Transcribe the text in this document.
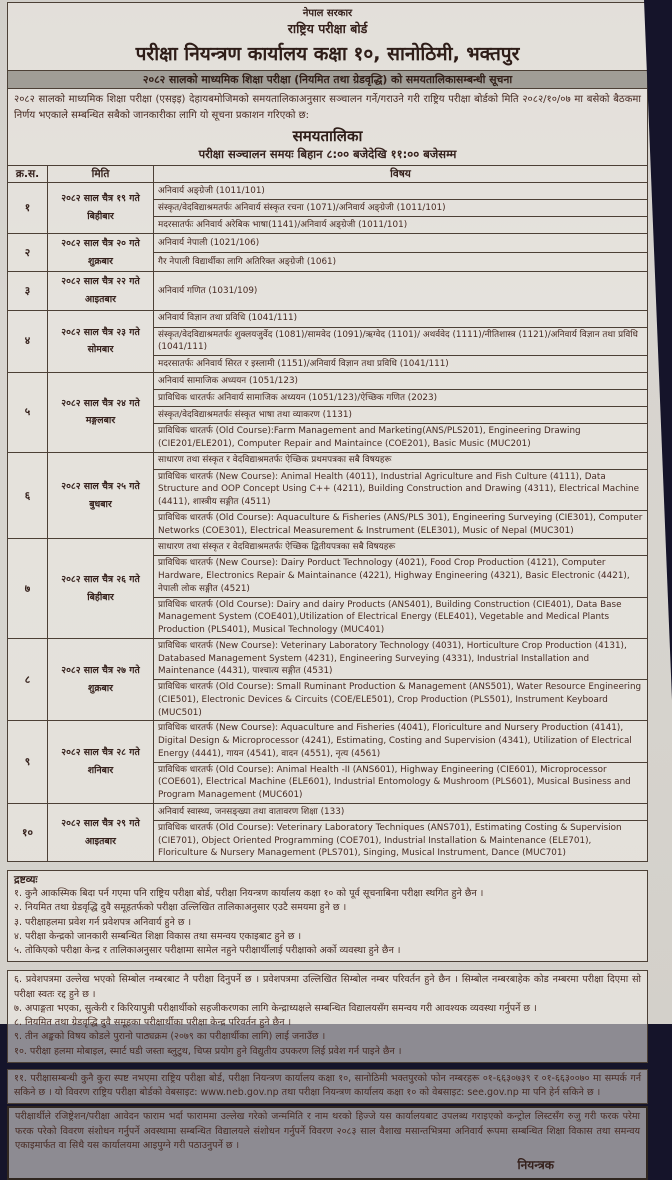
नेपाल सरकार
राष्ट्रिय परीक्षा बोर्ड
परीक्षा नियन्त्रण कार्यालय कक्षा १०, सानोठिमी, भक्तपुर
२०८२ सालको माध्यमिक शिक्षा परीक्षा (नियमित तथा ग्रेडवृद्धि) को समयतालिकासम्बन्धी सूचना
२०८२ सालको माध्यमिक शिक्षा परीक्षा (एसइइ) देहायबमोजिमको समयतालिकाअनुसार सञ्चालन गर्ने/गराउने गरी राष्ट्रिय परीक्षा बोर्डको मिति २०८२/१०/०७ मा बसेको बैठकमा निर्णय भएकाले सम्बन्धित सबैको जानकारीका लागि यो सूचना प्रकाशन गरिएको छ:
समयतालिका
परीक्षा सञ्चालन समयः बिहान ८:०० बजेदेखि ११:०० बजेसम्म
क्र.स.	मिति	विषय
१
२०८२ साल चैत्र १९ गते
बिहीबार
अनिवार्य अङ्ग्रेजी (1011/101)
संस्कृत/वेदविद्याश्रमतर्फः अनिवार्य संस्कृत रचना (1071)/अनिवार्य अङ्ग्रेजी (1011/101)
मदरसातर्फः अनिवार्य अरेबिक भाषा(1141)/अनिवार्य अङ्ग्रेजी (1011/101)
२
२०८२ साल चैत्र २० गते
शुक्रबार
अनिवार्य नेपाली (1021/106)
गैर नेपाली विद्यार्थीका लागि अतिरिक्त अङ्ग्रेजी (1061)
३
२०८२ साल चैत्र २२ गते
आइतबार
अनिवार्य गणित (1031/109)
४
२०८२ साल चैत्र २३ गते
सोमबार
अनिवार्य विज्ञान तथा प्रविधि (1041/111)
संस्कृत/वेदविद्याश्रमतर्फः शुक्लयजुर्वेद (1081)/सामवेद (1091)/ऋग्वेद (1101)/ अथर्ववेद (1111)/नीतिशास्त्र (1121)/अनिवार्य विज्ञान तथा प्रविधि (1041/111)
मदरसातर्फः अनिवार्य सिरत र इस्लामी (1151)/अनिवार्य विज्ञान तथा प्रविधि (1041/111)
५
२०८२ साल चैत्र २४ गते
मङ्गलबार
अनिवार्य सामाजिक अध्ययन (1051/123)
प्राविधिक धारतर्फः अनिवार्य सामाजिक अध्ययन (1051/123)/ऐच्छिक गणित (2023)
संस्कृत/वेदविद्याश्रमतर्फः संस्कृत भाषा तथा व्याकरण (1131)
प्राविधिक धारतर्फ (Old Course):Farm Management and Marketing(ANS/PLS201), Engineering Drawing (CIE201/ELE201), Computer Repair and Maintaince (COE201), Basic Music (MUC201)
६
२०८२ साल चैत्र २५ गते
बुधबार
साधारण तथा संस्कृत र वेदविद्याश्रमतर्फः ऐच्छिक प्रथमपत्रका सबै विषयहरू
प्राविधिक धारतर्फ (New Course): Animal Health (4011), Industrial Agriculture and Fish Culture (4111), Data Structure and OOP Concept Using C++ (4211), Building Construction and Drawing (4311), Electrical Machine (4411), शास्त्रीय सङ्गीत (4511)
प्राविधिक धारतर्फ (Old Course): Aquaculture & Fisheries (ANS/PLS 301), Engineering Surveying (CIE301), Computer Networks (COE301), Electrical Measurement & Instrument (ELE301), Music of Nepal (MUC301)
७
२०८२ साल चैत्र २६ गते
बिहीबार
साधारण तथा संस्कृत र वेदविद्याश्रमतर्फः ऐच्छिक द्वितीयपत्रका सबै विषयहरू
प्राविधिक धारतर्फ (New Course): Dairy Porduct Technology (4021), Food Crop Production (4121), Computer Hardware, Electronics Repair & Maintainance (4221), Highway Engineering (4321), Basic Electronic (4421), नेपाली लोक सङ्गीत (4521)
प्राविधिक धारतर्फ (Old Course): Dairy and dairy Products (ANS401), Building Construction (CIE401), Data Base Management System (COE401),Utilization of Electrical Energy (ELE401), Vegetable and Medical Plants Production (PLS401), Musical Technology (MUC401)
८
२०८२ साल चैत्र २७ गते
शुक्रबार
प्राविधिक धारतर्फ (New Course): Veterinary Laboratory Technology (4031), Horticulture Crop Production (4131), Databased Management System (4231), Engineering Surveying (4331), Industrial Installation and Maintenance (4431), पाश्चात्य सङ्गीत (4531)
प्राविधिक धारतर्फ (Old Course): Small Ruminant Production & Management (ANS501), Water Resource Engineering (CIE501), Electronic Devices & Circuits (COE/ELE501), Crop Production (PLS501), Instrument Keyboard (MUC501)
९
२०८२ साल चैत्र २८ गते
शनिबार
प्राविधिक धारतर्फ (New Course): Aquaculture and Fisheries (4041), Floriculture and Nursery Production (4141), Digital Design & Microprocessor (4241), Estimating, Costing and Supervision (4341), Utilization of Electrical Energy (4441), गायन (4541), वादन (4551), नृत्य (4561)
प्राविधिक धारतर्फ (Old Course): Animal Health -II (ANS601), Highway Engineering (CIE601), Microprocessor (COE601), Electrical Machine (ELE601), Industrial Entomology & Mushroom (PLS601), Musical Business and Program Management (MUC601)
१०
२०८२ साल चैत्र २९ गते
आइतबार
अनिवार्य स्वास्थ्य, जनसङ्ख्या तथा वातावरण शिक्षा (133)
प्राविधिक धारतर्फ (Old Course): Veterinary Laboratory Techniques (ANS701), Estimating Costing & Supervision (CIE701), Object Oriented Programming (COE701), Industrial Installation & Maintenance (ELE701), Floriculture & Nursery Management (PLS701), Singing, Musical Instrument, Dance (MUC701)
द्रष्टव्यः
१. कुनै आकस्मिक बिदा पर्न गएमा पनि राष्ट्रिय परीक्षा बोर्ड, परीक्षा नियन्त्रण कार्यालय कक्षा १० को पूर्व सूचनाबिना परीक्षा स्थगित हुने छैन ।
२. नियमित तथा ग्रेडवृद्धि दुवै समूहतर्फको परीक्षा उल्लिखित तालिकाअनुसार एउटै समयमा हुने छ ।
३. परीक्षाहलमा प्रवेश गर्न प्रवेशपत्र अनिवार्य हुने छ ।
४. परीक्षा केन्द्रको जानकारी सम्बन्धित शिक्षा विकास तथा समन्वय एकाइबाट हुने छ ।
५. तोकिएको परीक्षा केन्द्र र तालिकाअनुसार परीक्षामा सामेल नहुने परीक्षार्थीलाई परीक्षाको अर्को व्यवस्था हुने छैन ।
६. प्रवेशपत्रमा उल्लेख भएको सिम्बोल नम्बरबाट नै परीक्षा दिनुपर्ने छ । प्रवेशपत्रमा उल्लिखित सिम्बोल नम्बर परिवर्तन हुने छैन । सिम्बोल नम्बरबाहेक कोड नम्बरमा परीक्षा दिएमा सो परीक्षा स्वतः रद्द हुने छ ।
७. अपाङ्गता भएका, सुत्केरी र किरियापुत्री परीक्षार्थीको सहजीकरणका लागि केन्द्राध्यक्षले सम्बन्धित विद्यालयसँग समन्वय गरी आवश्यक व्यवस्था गर्नुपर्ने छ ।
८. नियमित तथा ग्रेडवृद्धि दुवै समूहका परीक्षार्थीका परीक्षा केन्द्र परिवर्तन हुने छैन ।
९. तीन अङ्कको विषय कोडले पुरानो पाठ्यक्रम (२०७९ का परीक्षार्थीका लागि) लाई जनाउँछ ।
१०. परीक्षा हलमा मोबाइल, स्मार्ट घडी जस्ता ब्लुटुथ, चिप्स प्रयोग हुने विद्युतीय उपकरण लिई प्रवेश गर्न पाइने छैन ।
११. परीक्षासम्बन्धी कुनै कुरा स्पष्ट नभएमा राष्ट्रिय परीक्षा बोर्ड, परीक्षा नियन्त्रण कार्यालय कक्षा १०, सानोठिमी भक्तपुरको फोन नम्बरहरू ०१-६६३०७३९ र ०१-६६३००७० मा सम्पर्क गर्न सकिने छ । यो विवरण राष्ट्रिय परीक्षा बोर्डको वेबसाइट: www.neb.gov.np तथा परीक्षा नियन्त्रण कार्यालय कक्षा १० को वेबसाइट: see.gov.np मा पनि हेर्न सकिने छ ।
परीक्षार्थीले रजिष्ट्रेशन/परीक्षा आवेदन फाराम भर्दा फाराममा उल्लेख गरेको जन्ममिति र नाम थरको हिज्जे यस कार्यालयबाट उपलब्ध गराइएको कन्ट्रोल लिस्टसँग रुजु गरी फरक परेमा फरक परेको विवरण संशोधन गर्नुपर्ने अवस्थामा सम्बन्धित विद्यालयले संशोधन गर्नुपर्ने विवरण २०८३ साल वैशाख मसान्तभित्रमा अनिवार्य रूपमा सम्बन्धित शिक्षा विकास तथा समन्वय एकाइमार्फत वा सिधै यस कार्यालयमा आइपुग्ने गरी पठाउनुपर्ने छ ।
नियन्त्रक
